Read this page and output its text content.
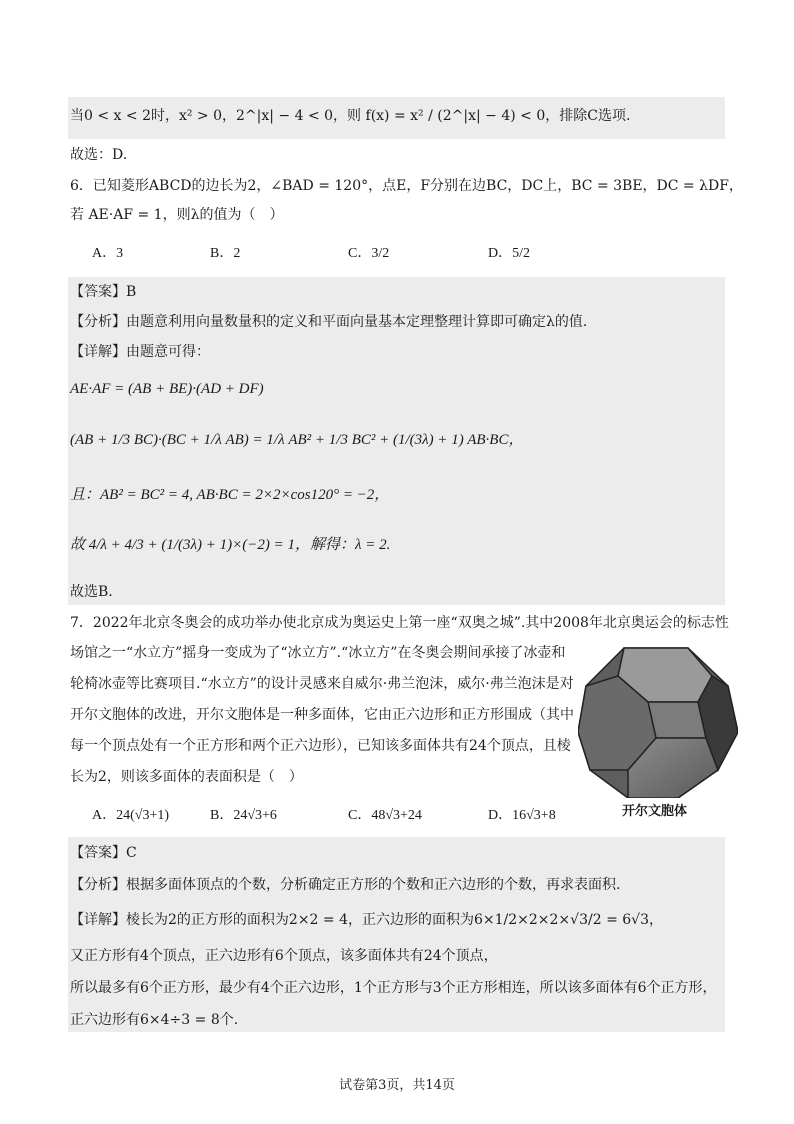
当0 < x < 2时，x² > 0，2^|x| − 4 < 0，则 f(x) = x² / (2^|x| − 4) < 0，排除C选项.
故选：D.
6．已知菱形ABCD的边长为2，∠BAD = 120°，点E，F分别在边BC，DC上，BC = 3BE，DC = λDF，
若 AE·AF = 1，则λ的值为（　）
A．3	B．2	C．3/2	D．5/2
【答案】B
【分析】由题意利用向量数量积的定义和平面向量基本定理整理计算即可确定λ的值.
【详解】由题意可得：
AE·AF = (AB + BE)·(AD + DF)
(AB + 1/3 BC)·(BC + 1/λ AB) = 1/λ AB² + 1/3 BC² + (1/(3λ) + 1) AB·BC，
且：AB² = BC² = 4, AB·BC = 2×2×cos120° = −2，
故 4/λ + 4/3 + (1/(3λ) + 1)×(−2) = 1，解得：λ = 2.
故选B.
7．2022年北京冬奥会的成功举办使北京成为奥运史上第一座“双奥之城”.其中2008年北京奥运会的标志性
场馆之一“水立方”摇身一变成为了“冰立方”.“冰立方”在冬奥会期间承接了冰壶和
轮椅冰壶等比赛项目.“水立方”的设计灵感来自威尔·弗兰泡沫，威尔·弗兰泡沫是对
开尔文胞体的改进，开尔文胞体是一种多面体，它由正六边形和正方形围成（其中
每一个顶点处有一个正方形和两个正六边形），已知该多面体共有24个顶点，且棱
长为2，则该多面体的表面积是（　）
A．24(√3+1)	B．24√3+6	C．48√3+24	D．16√3+8	开尔文胞体
【答案】C
【分析】根据多面体顶点的个数，分析确定正方形的个数和正六边形的个数，再求表面积.
【详解】棱长为2的正方形的面积为2×2 = 4，正六边形的面积为6×1/2×2×2×√3/2 = 6√3，
又正方形有4个顶点，正六边形有6个顶点，该多面体共有24个顶点，
所以最多有6个正方形，最少有4个正六边形，1个正方形与3个正方形相连，所以该多面体有6个正方形，
正六边形有6×4÷3 = 8个.
试卷第3页，共14页
